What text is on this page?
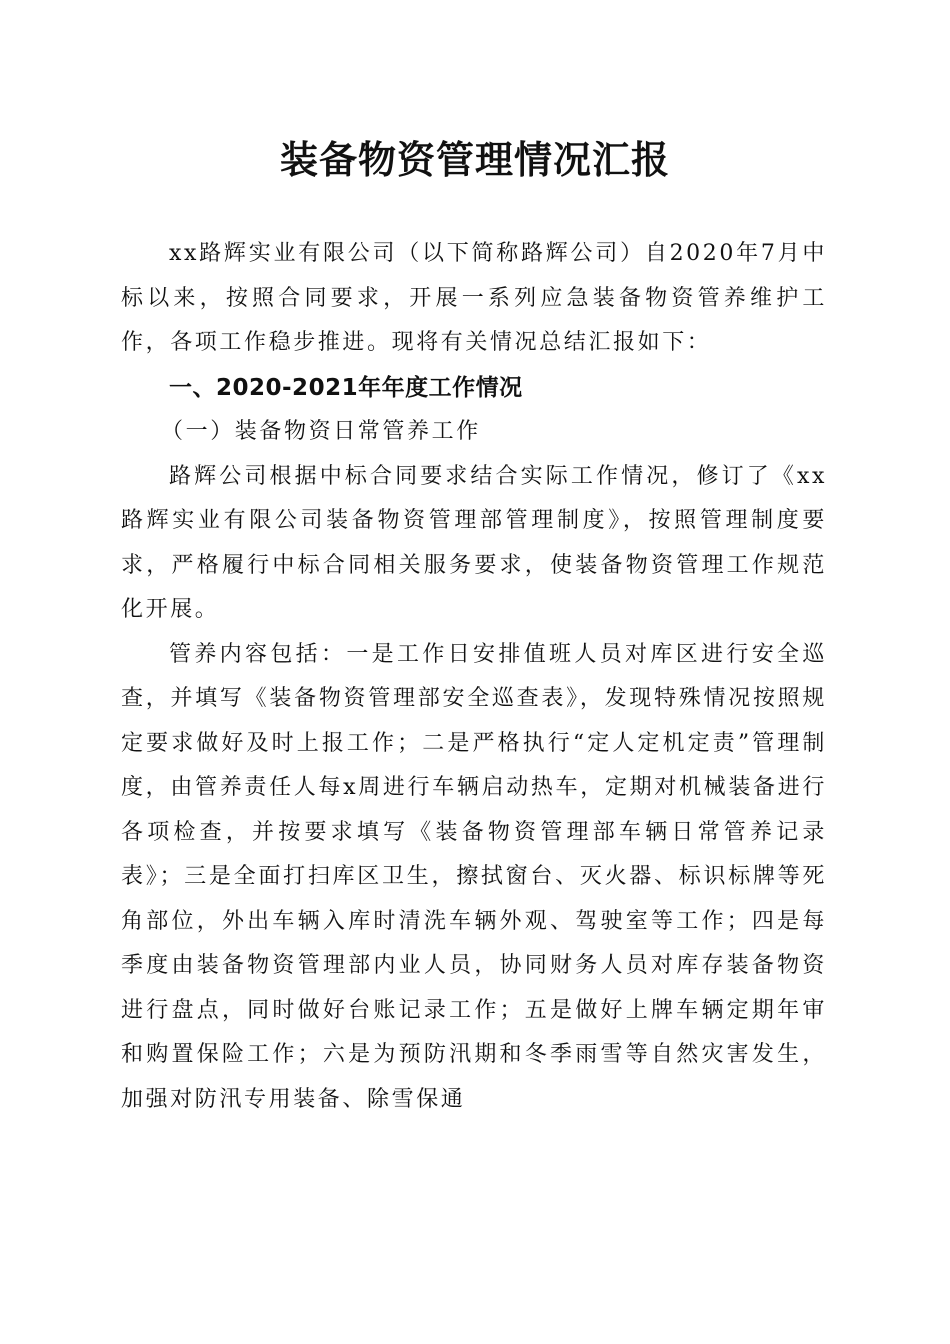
装备物资管理情况汇报

xx路辉实业有限公司（以下简称路辉公司）自2020年7月中标以来，按照合同要求，开展一系列应急装备物资管养维护工作，各项工作稳步推进。现将有关情况总结汇报如下：

一、2020-2021年年度工作情况

（一）装备物资日常管养工作

路辉公司根据中标合同要求结合实际工作情况，修订了《xx路辉实业有限公司装备物资管理部管理制度》，按照管理制度要求，严格履行中标合同相关服务要求，使装备物资管理工作规范化开展。

管养内容包括：一是工作日安排值班人员对库区进行安全巡查，并填写《装备物资管理部安全巡查表》，发现特殊情况按照规定要求做好及时上报工作；二是严格执行“定人定机定责”管理制度，由管养责任人每x周进行车辆启动热车，定期对机械装备进行各项检查，并按要求填写《装备物资管理部车辆日常管养记录表》；三是全面打扫库区卫生，擦拭窗台、灭火器、标识标牌等死角部位，外出车辆入库时清洗车辆外观、驾驶室等工作；四是每季度由装备物资管理部内业人员，协同财务人员对库存装备物资进行盘点，同时做好台账记录工作；五是做好上牌车辆定期年审和购置保险工作；六是为预防汛期和冬季雨雪等自然灾害发生，加强对防汛专用装备、除雪保通
